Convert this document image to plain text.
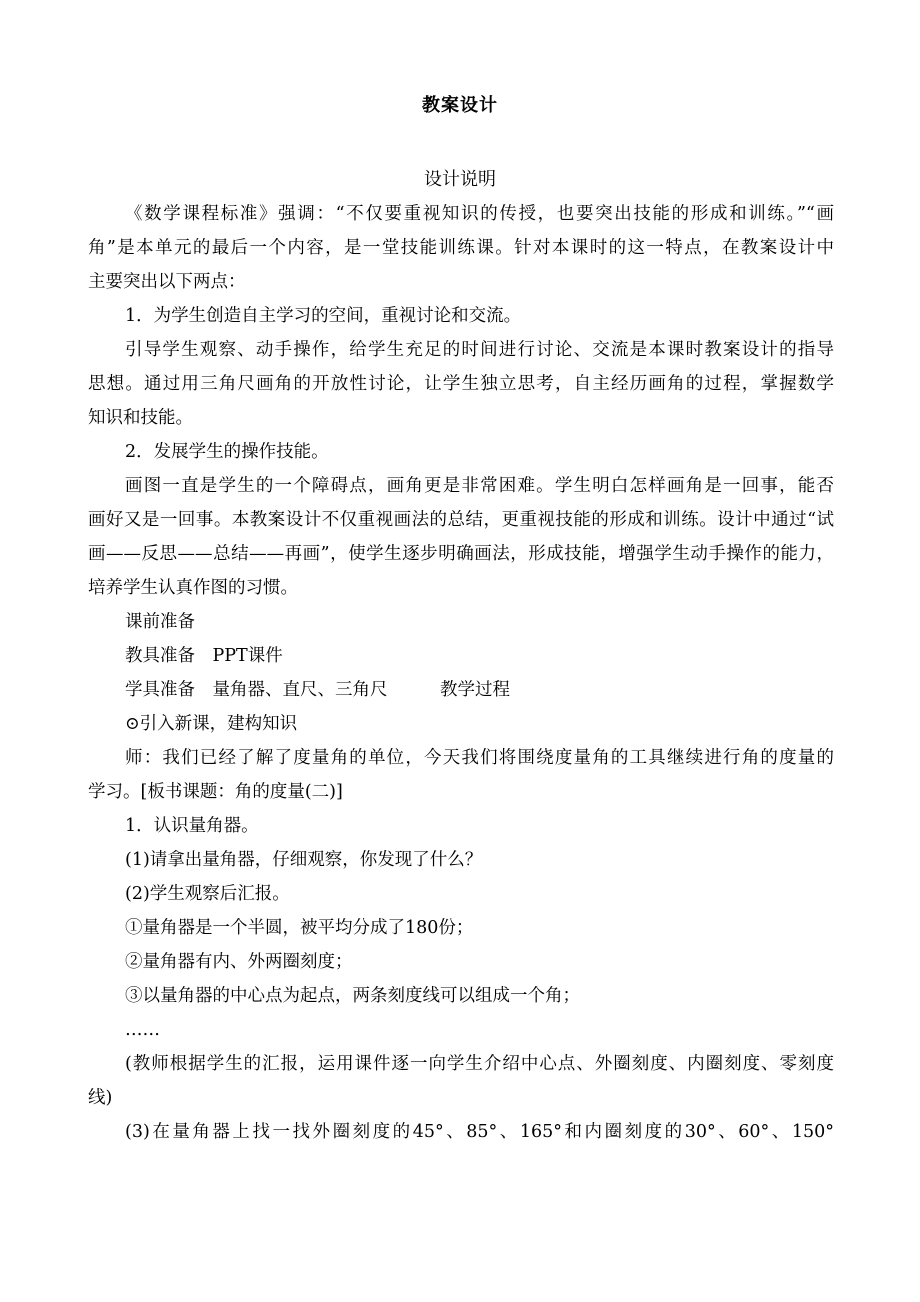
教案设计
设计说明
《数学课程标准》强调：“不仅要重视知识的传授，也要突出技能的形成和训练。”“画
角”是本单元的最后一个内容，是一堂技能训练课。针对本课时的这一特点，在教案设计中
主要突出以下两点：
1．为学生创造自主学习的空间，重视讨论和交流。
引导学生观察、动手操作，给学生充足的时间进行讨论、交流是本课时教案设计的指导
思想。通过用三角尺画角的开放性讨论，让学生独立思考，自主经历画角的过程，掌握数学
知识和技能。
2．发展学生的操作技能。
画图一直是学生的一个障碍点，画角更是非常困难。学生明白怎样画角是一回事，能否
画好又是一回事。本教案设计不仅重视画法的总结，更重视技能的形成和训练。设计中通过“试
画——反思——总结——再画”，使学生逐步明确画法，形成技能，增强学生动手操作的能力，
培养学生认真作图的习惯。
课前准备
教具准备　PPT课件
学具准备　量角器、直尺、三角尺　　　教学过程
⊙引入新课，建构知识
师：我们已经了解了度量角的单位，今天我们将围绕度量角的工具继续进行角的度量的
学习。[板书课题：角的度量(二)]
1．认识量角器。
(1)请拿出量角器，仔细观察，你发现了什么？
(2)学生观察后汇报。
①量角器是一个半圆，被平均分成了180份；
②量角器有内、外两圈刻度；
③以量角器的中心点为起点，两条刻度线可以组成一个角；
……
(教师根据学生的汇报，运用课件逐一向学生介绍中心点、外圈刻度、内圈刻度、零刻度
线)
(3)在量角器上找一找外圈刻度的45°、85°、165°和内圈刻度的30°、60°、150°
